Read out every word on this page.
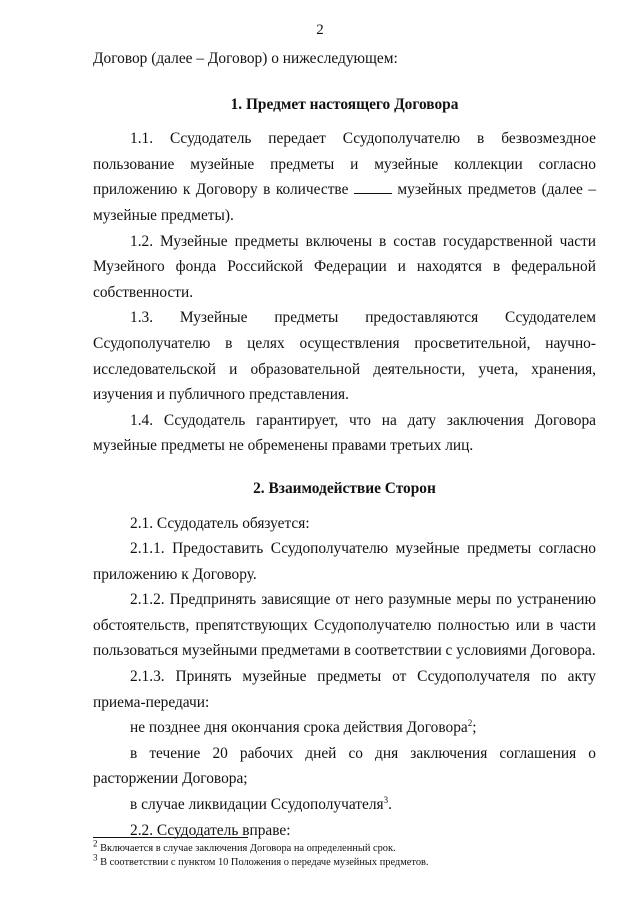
2

Договор (далее – Договор) о нижеследующем:

1. Предмет настоящего Договора

1.1. Ссудодатель передает Ссудополучателю в безвозмездное пользование музейные предметы и музейные коллекции согласно приложению к Договору в количестве	музейных предметов (далее – музейные предметы).

1.2. Музейные предметы включены в состав государственной части Музейного фонда Российской Федерации и находятся в федеральной собственности.

1.3. Музейные предметы предоставляются Ссудодателем Ссудополучателю в целях осуществления просветительной, научно-исследовательской и образовательной деятельности, учета, хранения, изучения и публичного представления.

1.4. Ссудодатель гарантирует, что на дату заключения Договора музейные предметы не обременены правами третьих лиц.

2. Взаимодействие Сторон

2.1. Ссудодатель обязуется:

2.1.1. Предоставить Ссудополучателю музейные предметы согласно приложению к Договору.

2.1.2. Предпринять зависящие от него разумные меры по устранению обстоятельств, препятствующих Ссудополучателю полностью или в части пользоваться музейными предметами в соответствии с условиями Договора.

2.1.3. Принять музейные предметы от Ссудополучателя по акту приема-передачи:

не позднее дня окончания срока действия Договора$^2$;

в течение 20 рабочих дней со дня заключения соглашения о расторжении Договора;

в случае ликвидации Ссудополучателя$^3$.

2.2. Ссудодатель вправе:

$^2$ Включается в случае заключения Договора на определенный срок.
$^3$ В соответствии с пунктом 10 Положения о передаче музейных предметов.
